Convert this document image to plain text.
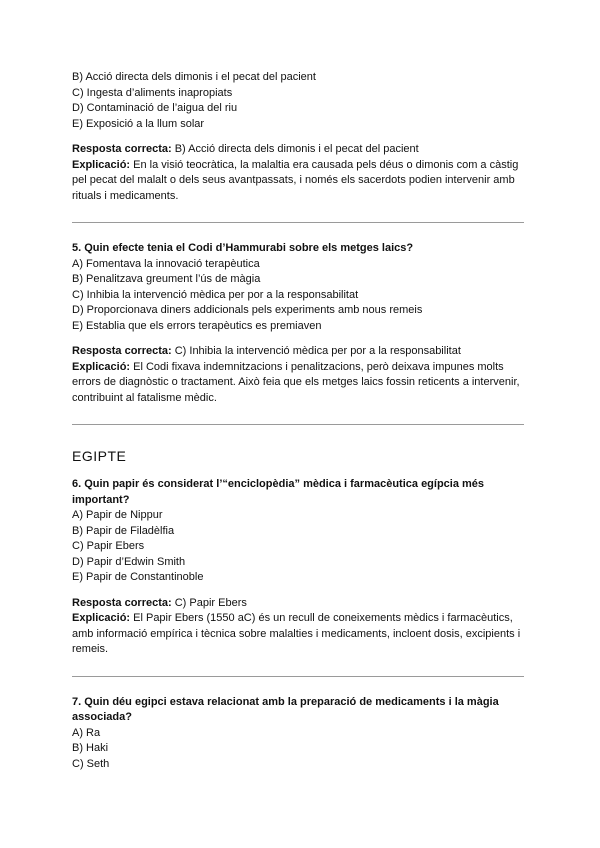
B) Acció directa dels dimonis i el pecat del pacient
C) Ingesta d’aliments inapropiats
D) Contaminació de l’aigua del riu
E) Exposició a la llum solar
Resposta correcta: B) Acció directa dels dimonis i el pecat del pacient
Explicació: En la visió teocràtica, la malaltia era causada pels déus o dimonis com a càstig pel pecat del malalt o dels seus avantpassats, i només els sacerdots podien intervenir amb rituals i medicaments.
5. Quin efecte tenia el Codi d’Hammurabi sobre els metges laics?
A) Fomentava la innovació terapèutica
B) Penalitzava greument l’ús de màgia
C) Inhibia la intervenció mèdica per por a la responsabilitat
D) Proporcionava diners addicionals pels experiments amb nous remeis
E) Establia que els errors terapèutics es premiaven
Resposta correcta: C) Inhibia la intervenció mèdica per por a la responsabilitat
Explicació: El Codi fixava indemnitzacions i penalitzacions, però deixava impunes molts errors de diagnòstic o tractament. Això feia que els metges laics fossin reticents a intervenir, contribuint al fatalisme mèdic.
EGIPTE
6. Quin papir és considerat l’“enciclopèdia” mèdica i farmacèutica egípcia més important?
A) Papir de Nippur
B) Papir de Filadèlfia
C) Papir Ebers
D) Papir d’Edwin Smith
E) Papir de Constantinoble
Resposta correcta: C) Papir Ebers
Explicació: El Papir Ebers (1550 aC) és un recull de coneixements mèdics i farmacèutics, amb informació empírica i tècnica sobre malalties i medicaments, incloent dosis, excipients i remeis.
7. Quin déu egipci estava relacionat amb la preparació de medicaments i la màgia associada?
A) Ra
B) Haki
C) Seth
